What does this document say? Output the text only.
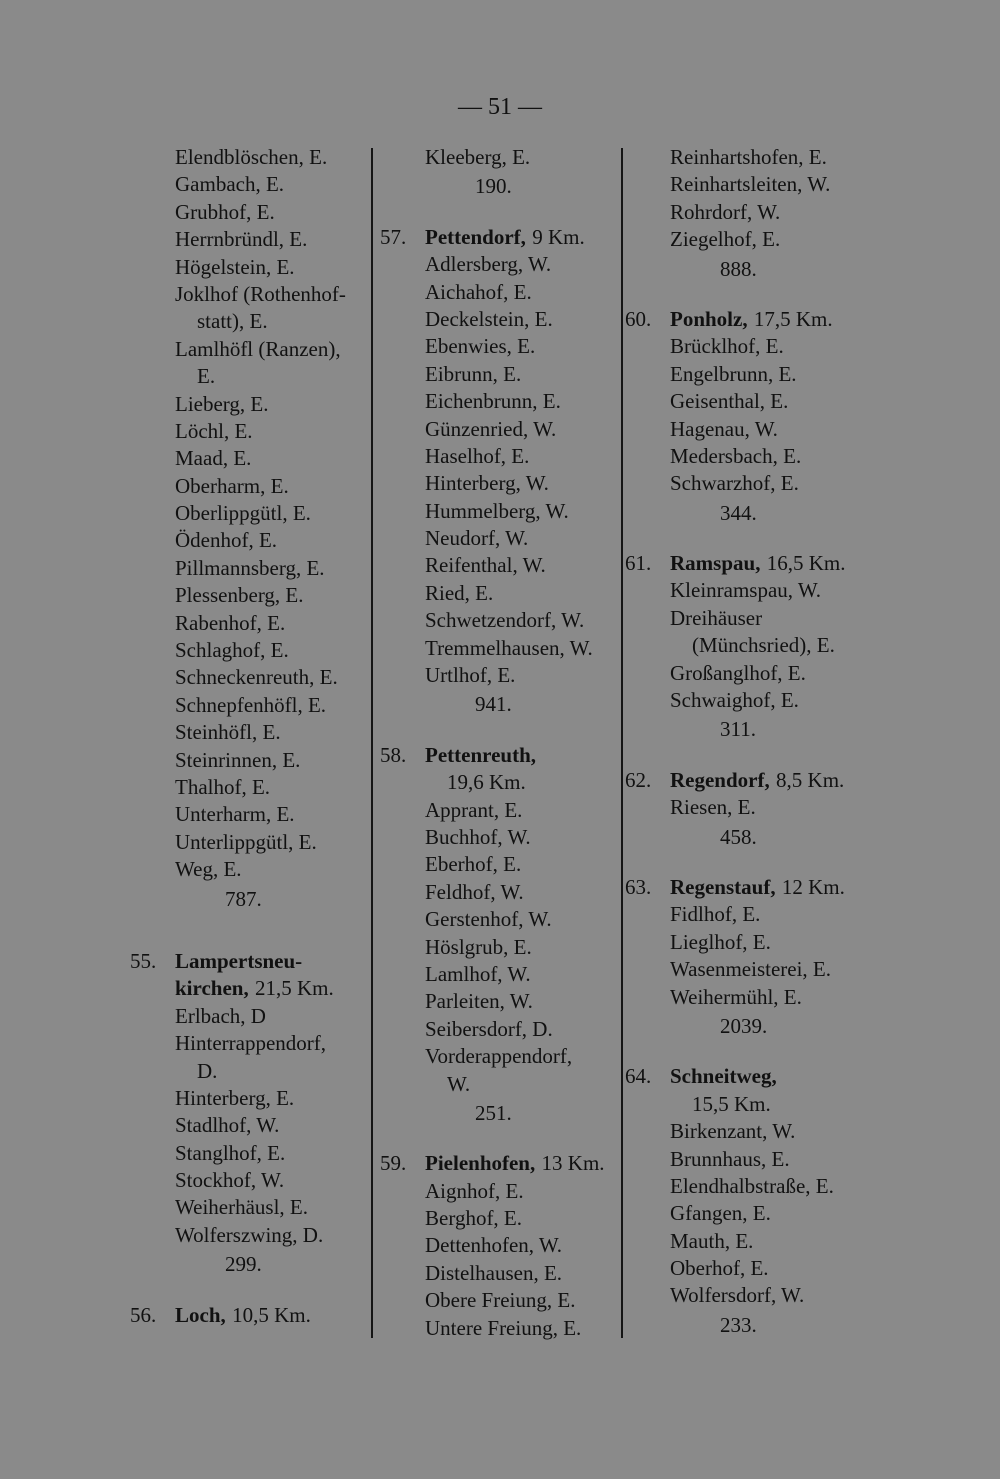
— 51 —
Elendblöschen, E.
Gambach, E.
Grubhof, E.
Herrnbründl, E.
Högelstein, E.
Joklhof (Rothenhof-
statt), E.
Lamlhöfl (Ranzen),
E.
Lieberg, E.
Löchl, E.
Maad, E.
Oberharm, E.
Oberlippgütl, E.
Ödenhof, E.
Pillmannsberg, E.
Plessenberg, E.
Rabenhof, E.
Schlaghof, E.
Schneckenreuth, E.
Schnepfenhöfl, E.
Steinhöfl, E.
Steinrinnen, E.
Thalhof, E.
Unterharm, E.
Unterlippgütl, E.
Weg, E.
787.
55. Lampertsneu-
kirchen, 21,5 Km.
Erlbach, D
Hinterrappendorf,
D.
Hinterberg, E.
Stadlhof, W.
Stanglhof, E.
Stockhof, W.
Weiherhäusl, E.
Wolferszwing, D.
299.
56. Loch, 10,5 Km.
Kleeberg, E.
190.
57. Pettendorf, 9 Km.
Adlersberg, W.
Aichahof, E.
Deckelstein, E.
Ebenwies, E.
Eibrunn, E.
Eichenbrunn, E.
Günzenried, W.
Haselhof, E.
Hinterberg, W.
Hummelberg, W.
Neudorf, W.
Reifenthal, W.
Ried, E.
Schwetzendorf, W.
Tremmelhausen, W.
Urtlhof, E.
941.
58. Pettenreuth,
19,6 Km.
Apprant, E.
Buchhof, W.
Eberhof, E.
Feldhof, W.
Gerstenhof, W.
Höslgrub, E.
Lamlhof, W.
Parleiten, W.
Seibersdorf, D.
Vorderappendorf,
W.
251.
59. Pielenhofen, 13 Km.
Aignhof, E.
Berghof, E.
Dettenhofen, W.
Distelhausen, E.
Obere Freiung, E.
Untere Freiung, E.
Reinhartshofen, E.
Reinhartsleiten, W.
Rohrdorf, W.
Ziegelhof, E.
888.
60. Ponholz, 17,5 Km.
Brücklhof, E.
Engelbrunn, E.
Geisenthal, E.
Hagenau, W.
Medersbach, E.
Schwarzhof, E.
344.
61. Ramspau, 16,5 Km.
Kleinramspau, W.
Dreihäuser
(Münchsried), E.
Großanglhof, E.
Schwaighof, E.
311.
62. Regendorf, 8,5 Km.
Riesen, E.
458.
63. Regenstauf, 12 Km.
Fidlhof, E.
Lieglhof, E.
Wasenmeisterei, E.
Weihermühl, E.
2039.
64. Schneitweg,
15,5 Km.
Birkenzant, W.
Brunnhaus, E.
Elendhalbstraße, E.
Gfangen, E.
Mauth, E.
Oberhof, E.
Wolfersdorf, W.
233.
